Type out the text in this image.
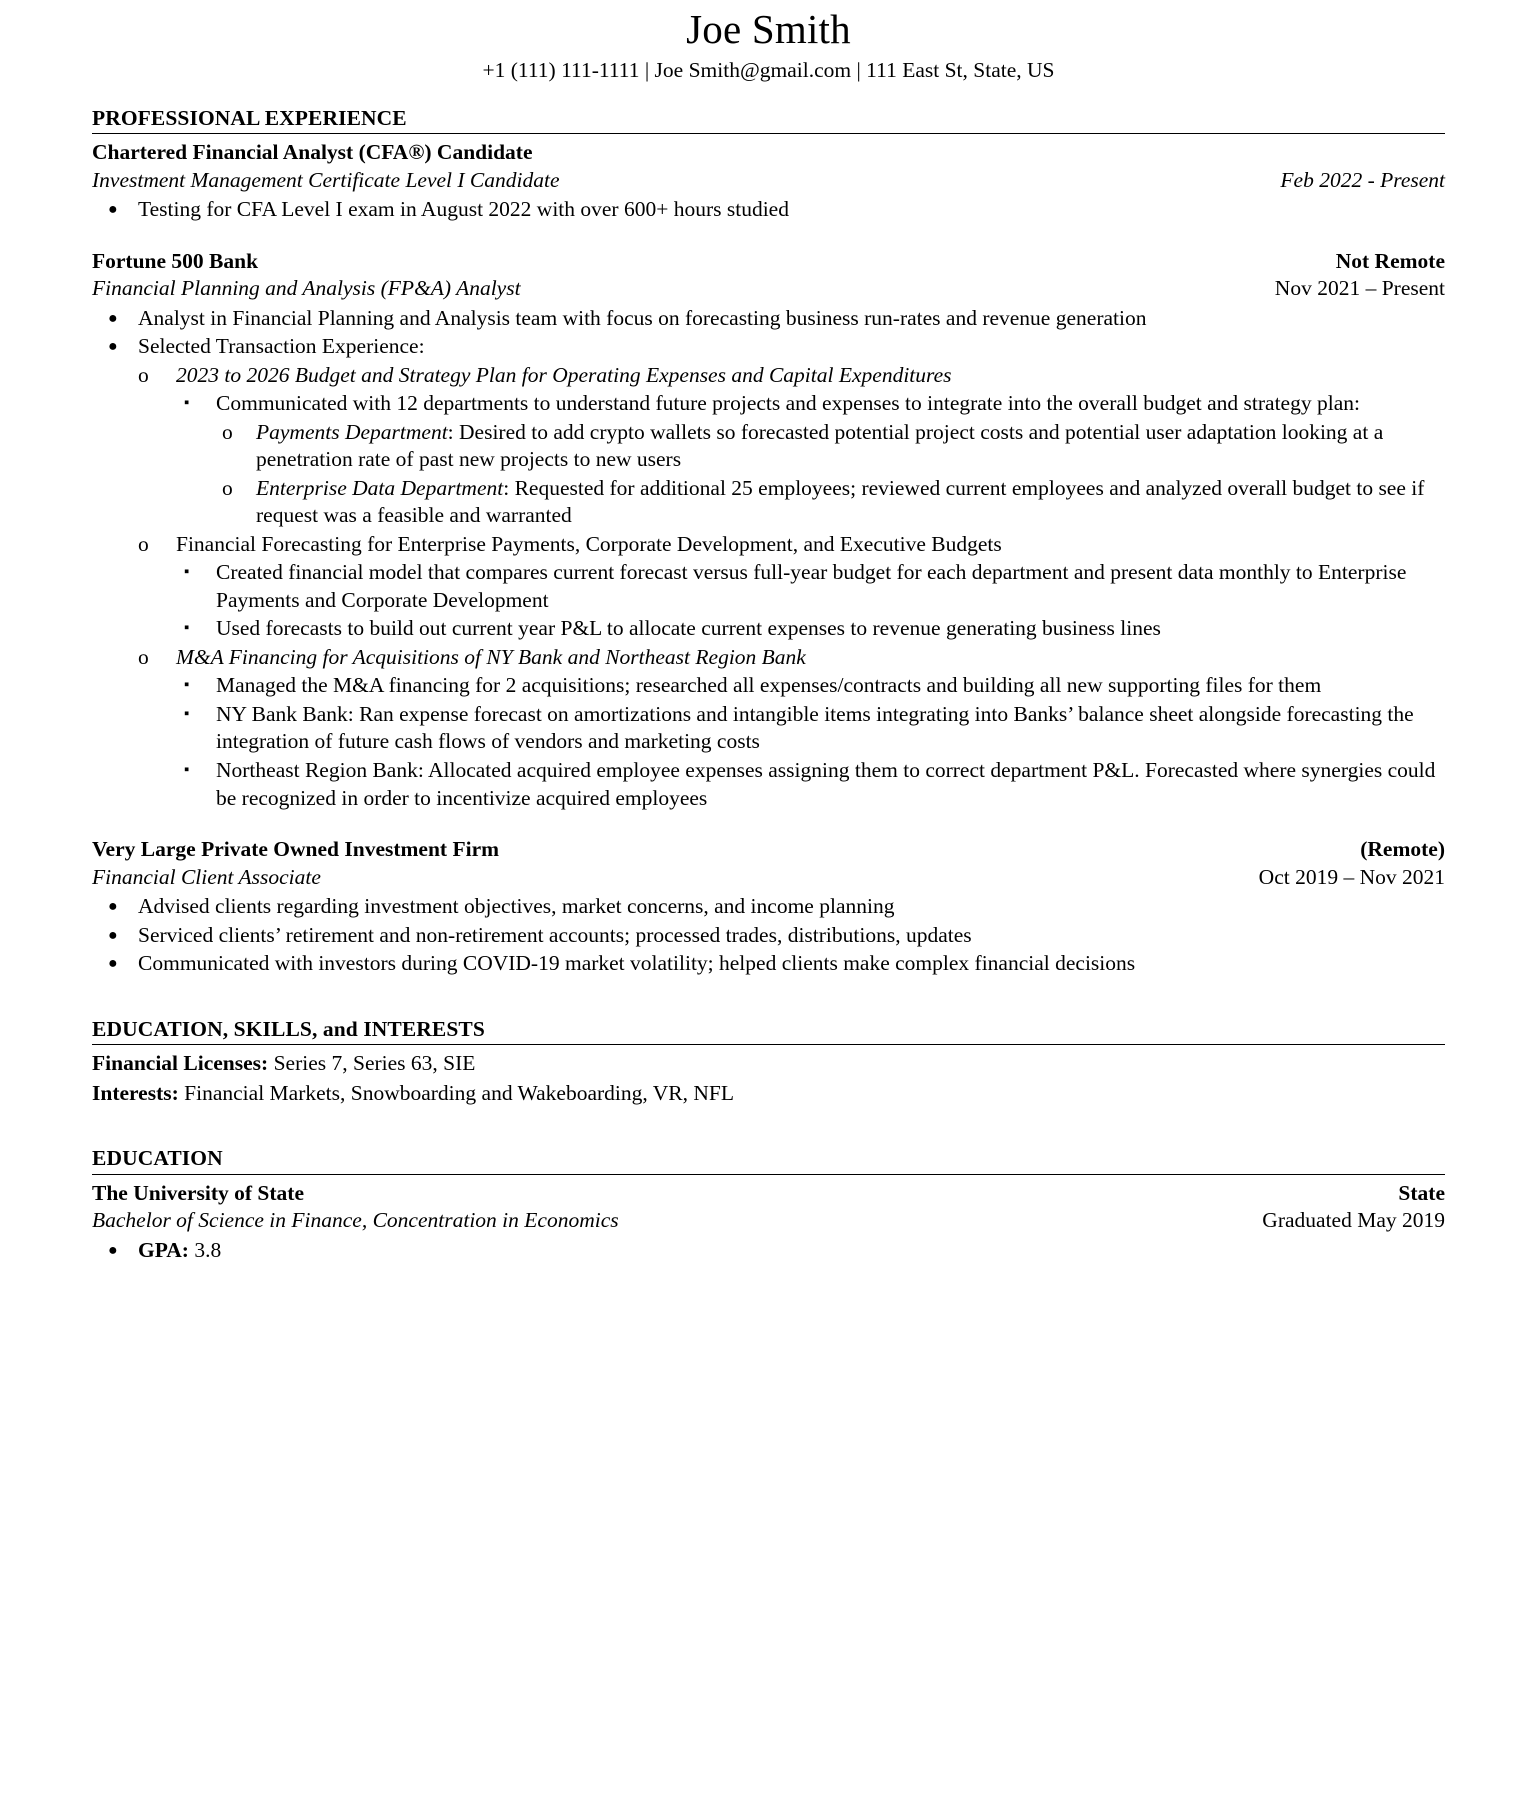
Joe Smith
+1 (111) 111-1111 | Joe Smith@gmail.com | 111 East St, State, US
PROFESSIONAL EXPERIENCE
Chartered Financial Analyst (CFA®) Candidate
Investment Management Certificate Level I Candidate	Feb 2022 - Present
● Testing for CFA Level I exam in August 2022 with over 600+ hours studied
Fortune 500 Bank	Not Remote
Financial Planning and Analysis (FP&A) Analyst	Nov 2021 – Present
● Analyst in Financial Planning and Analysis team with focus on forecasting business run-rates and revenue generation
● Selected Transaction Experience:
o 2023 to 2026 Budget and Strategy Plan for Operating Expenses and Capital Expenditures
▪ Communicated with 12 departments to understand future projects and expenses to integrate into the overall budget and strategy plan:
o Payments Department: Desired to add crypto wallets so forecasted potential project costs and potential user adaptation looking at a penetration rate of past new projects to new users
o Enterprise Data Department: Requested for additional 25 employees; reviewed current employees and analyzed overall budget to see if request was a feasible and warranted
o Financial Forecasting for Enterprise Payments, Corporate Development, and Executive Budgets
▪ Created financial model that compares current forecast versus full-year budget for each department and present data monthly to Enterprise Payments and Corporate Development
▪ Used forecasts to build out current year P&L to allocate current expenses to revenue generating business lines
o M&A Financing for Acquisitions of NY Bank and Northeast Region Bank
▪ Managed the M&A financing for 2 acquisitions; researched all expenses/contracts and building all new supporting files for them
▪ NY Bank Bank: Ran expense forecast on amortizations and intangible items integrating into Banks’ balance sheet alongside forecasting the integration of future cash flows of vendors and marketing costs
▪ Northeast Region Bank: Allocated acquired employee expenses assigning them to correct department P&L. Forecasted where synergies could be recognized in order to incentivize acquired employees
Very Large Private Owned Investment Firm	(Remote)
Financial Client Associate	Oct 2019 – Nov 2021
● Advised clients regarding investment objectives, market concerns, and income planning
● Serviced clients’ retirement and non-retirement accounts; processed trades, distributions, updates
● Communicated with investors during COVID-19 market volatility; helped clients make complex financial decisions
EDUCATION, SKILLS, and INTERESTS
Financial Licenses: Series 7, Series 63, SIE
Interests: Financial Markets, Snowboarding and Wakeboarding, VR, NFL
EDUCATION
The University of State	State
Bachelor of Science in Finance, Concentration in Economics	Graduated May 2019
● GPA: 3.8
